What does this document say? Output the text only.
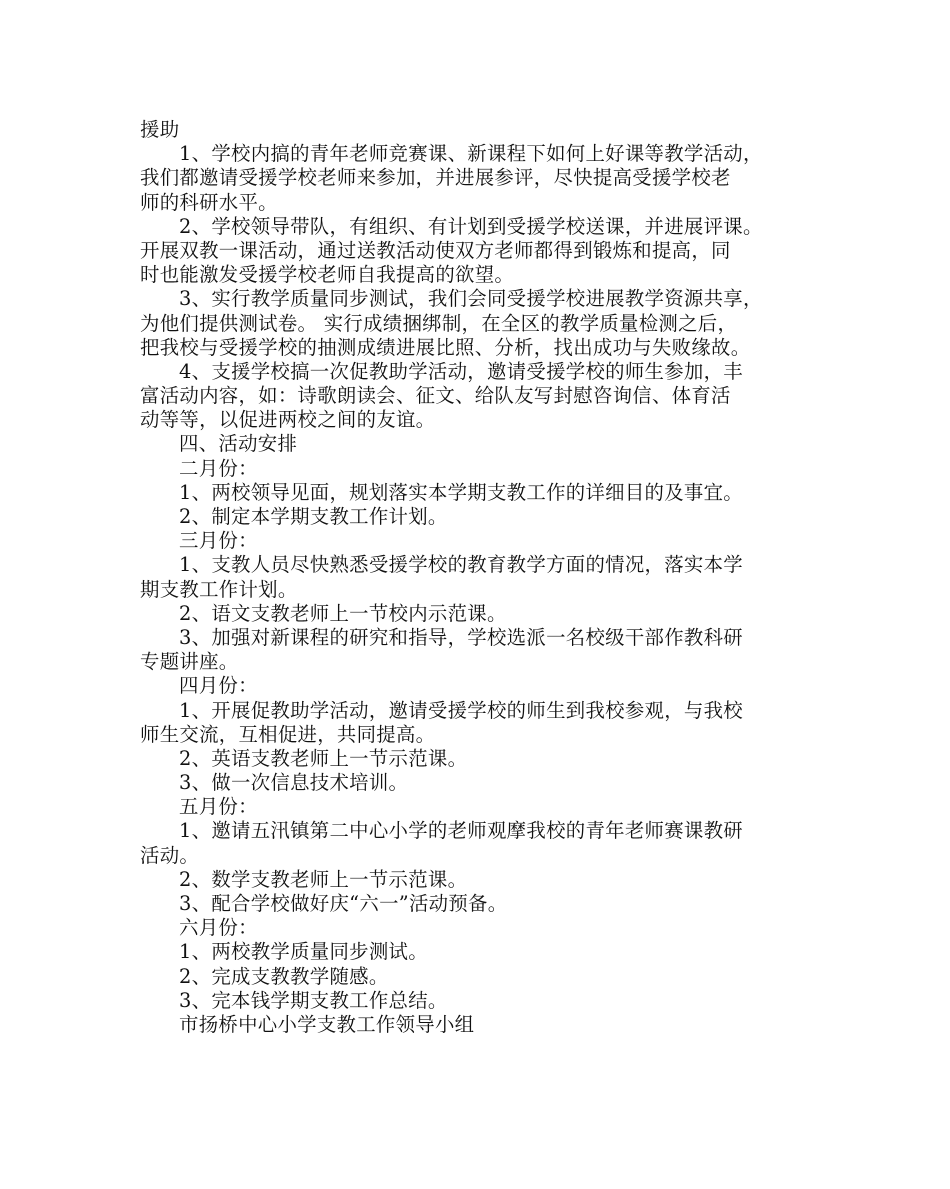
援助
1、学校内搞的青年老师竞赛课、新课程下如何上好课等教学活动，
我们都邀请受援学校老师来参加，并进展参评，尽快提高受援学校老
师的科研水平。
2、学校领导带队，有组织、有计划到受援学校送课，并进展评课。
开展双教一课活动，通过送教活动使双方老师都得到锻炼和提高，同
时也能激发受援学校老师自我提高的欲望。
3、实行教学质量同步测试，我们会同受援学校进展教学资源共享，
为他们提供测试卷。 实行成绩捆绑制，在全区的教学质量检测之后，
把我校与受援学校的抽测成绩进展比照、分析，找出成功与失败缘故。
4、支援学校搞一次促教助学活动，邀请受援学校的师生参加，丰
富活动内容，如：诗歌朗读会、征文、给队友写封慰咨询信、体育活
动等等，以促进两校之间的友谊。
四、活动安排
二月份：
1、两校领导见面，规划落实本学期支教工作的详细目的及事宜。
2、制定本学期支教工作计划。
三月份：
1、支教人员尽快熟悉受援学校的教育教学方面的情况，落实本学
期支教工作计划。
2、语文支教老师上一节校内示范课。
3、加强对新课程的研究和指导，学校选派一名校级干部作教科研
专题讲座。
四月份：
1、开展促教助学活动，邀请受援学校的师生到我校参观，与我校
师生交流，互相促进，共同提高。
2、英语支教老师上一节示范课。
3、做一次信息技术培训。
五月份：
1、邀请五汛镇第二中心小学的老师观摩我校的青年老师赛课教研
活动。
2、数学支教老师上一节示范课。
3、配合学校做好庆“六一”活动预备。
六月份：
1、两校教学质量同步测试。
2、完成支教教学随感。
3、完本钱学期支教工作总结。
市扬桥中心小学支教工作领导小组
